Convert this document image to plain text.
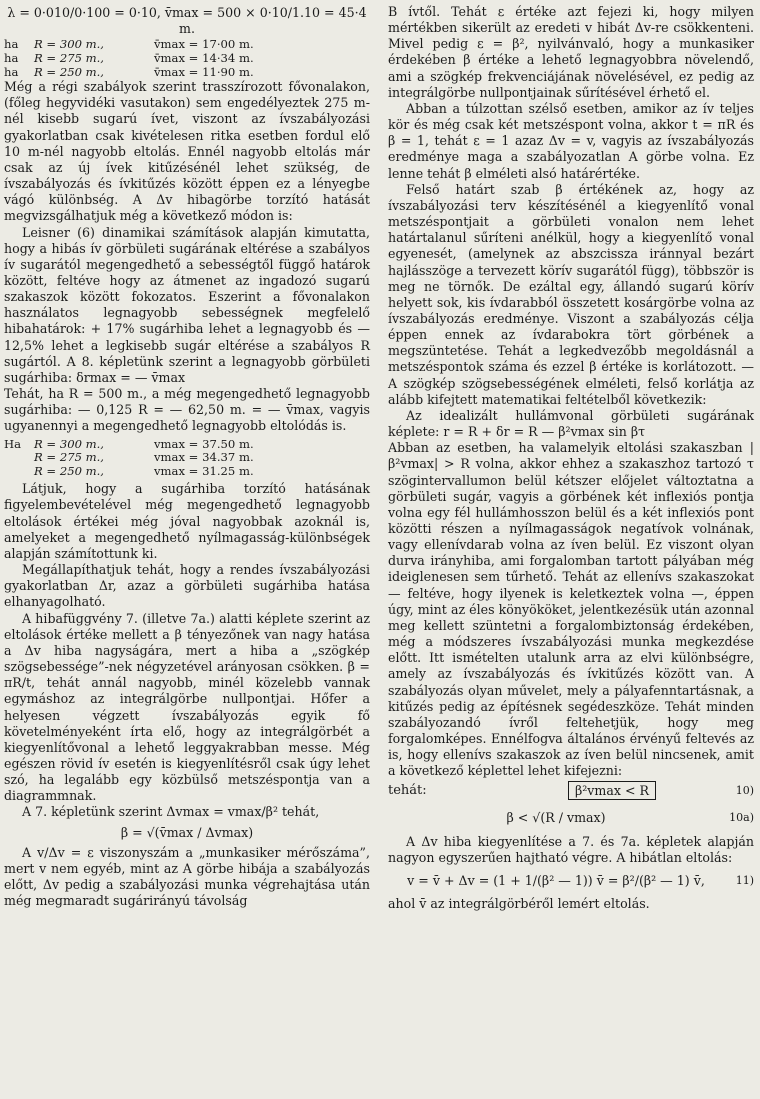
λ = 0·010/0·100 = 0·10, v̄max = 500 × 0·10/1.10 = 45·4 m.
ha	R = 300 m.,	v̄max = 17·00 m.
ha	R = 275 m.,	v̄max = 14·34 m.
ha	R = 250 m.,	v̄max = 11·90 m.

Még a régi szabályok szerint trasszírozott fővonalakon, (főleg hegyvidéki vasutakon) sem engedélyeztek 275 m-nél kisebb sugarú ívet, viszont az ívszabályozási gyakorlatban csak kivételesen ritka esetben fordul elő 10 m-nél nagyobb eltolás. Ennél nagyobb eltolás már csak az új ívek kitűzésénél lehet szükség, de ívszabályozás és ívkitűzés között éppen ez a lényegbe vágó különbség. A Δv hibagörbe torzító hatását megvizsgálhatjuk még a következő módon is:

Leisner (6) dinamikai számítások alapján kimutatta, hogy a hibás ív görbületi sugárának eltérése a szabályos ív sugarától megengedhető a sebességtől függő határok között, feltéve hogy az átmenet az ingadozó sugarú szakaszok között fokozatos. Eszerint a fővonalakon használatos legnagyobb sebességnek megfelelő hibahatárok: + 17% sugárhiba lehet a legnagyobb és — 12,5% lehet a legkisebb sugár eltérése a szabályos R sugártól. A 8. képletünk szerint a legnagyobb görbületi sugárhiba: δrmax = — v̄max

Tehát, ha R = 500 m., a még megengedhető legnagyobb sugárhiba: — 0,125 R = — 62,50 m. = — v̄max, vagyis ugyanennyi a megengedhető legnagyobb eltolódás is.

Ha	R = 300 m.,	vmax = 37.50 m.
R = 275 m.,	vmax = 34.37 m.
R = 250 m.,	vmax = 31.25 m.

Látjuk, hogy a sugárhiba torzító hatásának figyelembevételével még megengedhető legnagyobb eltolások értékei még jóval nagyobbak azoknál is, amelyeket a megengedhető nyílmagasság-különbségek alapján számítottunk ki.

Megállapíthatjuk tehát, hogy a rendes ívszabályozási gyakorlatban Δr, azaz a görbületi sugárhiba hatása elhanyagolható.

A hibafüggvény 7. (illetve 7a.) alatti képlete szerint az eltolások értéke mellett a β tényezőnek van nagy hatása a Δv hiba nagyságára, mert a hiba a „szögkép szögsebessége”-nek négyzetével arányosan csökken. β = πR/t, tehát annál nagyobb, minél közelebb vannak egymáshoz az integrálgörbe nullpontjai. Hőfer a helyesen végzett ívszabályozás egyik fő követelményeként írta elő, hogy az integrálgörbét a kiegyenlítővonal a lehető leggyakrabban messe. Még egészen rövid ív esetén is kiegyenlítésről csak úgy lehet szó, ha legalább egy közbülső metszéspontja van a diagrammnak.

A 7. képletünk szerint Δvmax = vmax/β² tehát,

β = √(v̄max / Δvmax)

A v/Δv = ε viszonyszám a „munkasiker mérőszáma”, mert v nem egyéb, mint az A görbe hibája a szabályozás előtt, Δv pedig a szabályozási munka végrehajtása után még megmaradt sugárirányú távolság

B ívtől. Tehát ε értéke azt fejezi ki, hogy milyen mértékben sikerült az eredeti v hibát Δv-re csökkenteni. Mivel pedig ε = β², nyilvánvaló, hogy a munkasiker érdekében β értéke a lehető legnagyobbra növelendő, ami a szögkép frekvenciájának növelésével, ez pedig az integrálgörbe nullpontjainak sűrítésével érhető el.

Abban a túlzottan szélső esetben, amikor az ív teljes kör és még csak két metszéspont volna, akkor t = πR és β = 1, tehát ε = 1 azaz Δv = v, vagyis az ívszabályozás eredménye maga a szabályozatlan A görbe volna. Ez lenne tehát β elméleti alsó határértéke.

Felső határt szab β értékének az, hogy az ívszabályozási terv készítésénél a kiegyenlítő vonal metszéspontjait a görbületi vonalon nem lehet határtalanul sűríteni anélkül, hogy a kiegyenlítő vonal egyenesét, (amelynek az abszcisszа iránnyal bezárt hajlásszöge a tervezett körív sugarától függ), többször is meg ne törnők. De ezáltal egy, állandó sugarú körív helyett sok, kis ívdarabból összetett kosárgörbe volna az ívszabályozás eredménye. Viszont a szabályozás célja éppen ennek az ívdarabokra tört görbének a megszüntetése. Tehát a legkedvezőbb megoldásnál a metszéspontok száma és ezzel β értéke is korlátozott. — A szögkép szögsebességének elméleti, felső korlátja az alább kifejtett matematikai feltételből következik:

Az idealizált hullámvonal görbületi sugárának képlete: r = R + δr = R — β²vmax sin βτ

Abban az esetben, ha valamelyik eltolási szakaszban |β²vmax| > R volna, akkor ehhez a szakaszhoz tartozó τ szögintervallumon belül kétszer előjelet változtatna a görbületi sugár, vagyis a görbének két inflexiós pontja volna egy fél hullámhosszon belül és a két inflexiós pont közötti részen a nyílmagasságok negatívok volnának, vagy ellenívdarab volna az íven belül. Ez viszont olyan durva irányhiba, ami forgalomban tartott pályában még ideiglenesen sem tűrhető. Tehát az ellenívs szakaszokat — feltéve, hogy ilyenek is keletkeztek volna —, éppen úgy, mint az éles könyököket, jelentkezésük után azonnal meg kellett szüntetni a forgalombiztonság érdekében, még a módszeres ívszabályozási munka megkezdése előtt. Itt ismételten utalunk arra az elvi különbségre, amely az ívszabályozás és ívkitűzés között van. A szabályozás olyan művelet, mely a pályafenntartásnak, a kitűzés pedig az építésnek segédeszköze. Tehát minden szabályozandó ívről feltehetjük, hogy meg forgalomképes. Ennélfogva általános érvényű feltevés az is, hogy ellenívs szakaszok az íven belül nincsenek, amit a következő képlettel lehet kifejezni:

tehát:	β²vmax < R	10)
β < √(R / vmax)	10a)

A Δv hiba kiegyenlítése a 7. és 7a. képletek alapján nagyon egyszerűen hajtható végre. A hibátlan eltolás:

v = v̄ + Δv = (1 + 1/(β² — 1)) v̄ = β²/(β² — 1) v̄,	11)

ahol v̄ az integrálgörbéről lemért eltolás.
